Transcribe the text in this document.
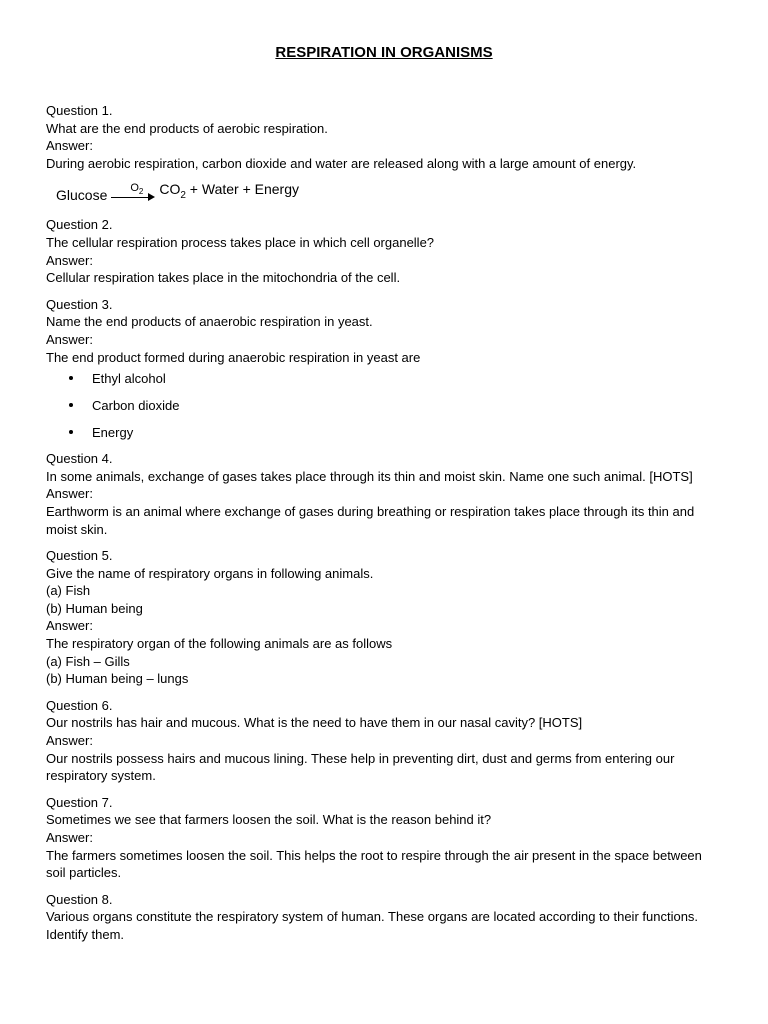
RESPIRATION IN ORGANISMS

Question 1.

What are the end products of aerobic respiration.

Answer:

During aerobic respiration, carbon dioxide and water are released along with a large amount of energy.

Glucose $O_2$ $CO_2$ + Water + Energy

Question 2.

The cellular respiration process takes place in which cell organelle?

Answer:

Cellular respiration takes place in the mitochondria of the cell.

Question 3.

Name the end products of anaerobic respiration in yeast.

Answer:

The end product formed during anaerobic respiration in yeast are

Ethyl alcohol
Carbon dioxide
Energy

Question 4.

In some animals, exchange of gases takes place through its thin and moist skin. Name one such animal. [HOTS]

Answer:

Earthworm is an animal where exchange of gases during breathing or respiration takes place through its thin and moist skin.

Question 5.

Give the name of respiratory organs in following animals.

(a) Fish

(b) Human being

Answer:

The respiratory organ of the following animals are as follows

(a) Fish – Gills

(b) Human being – lungs

Question 6.

Our nostrils has hair and mucous. What is the need to have them in our nasal cavity? [HOTS]

Answer:

Our nostrils possess hairs and mucous lining. These help in preventing dirt, dust and germs from entering our respiratory system.

Question 7.

Sometimes we see that farmers loosen the soil. What is the reason behind it?

Answer:

The farmers sometimes loosen the soil. This helps the root to respire through the air present in the space between soil particles.

Question 8.

Various organs constitute the respiratory system of human. These organs are located according to their functions. Identify them.
